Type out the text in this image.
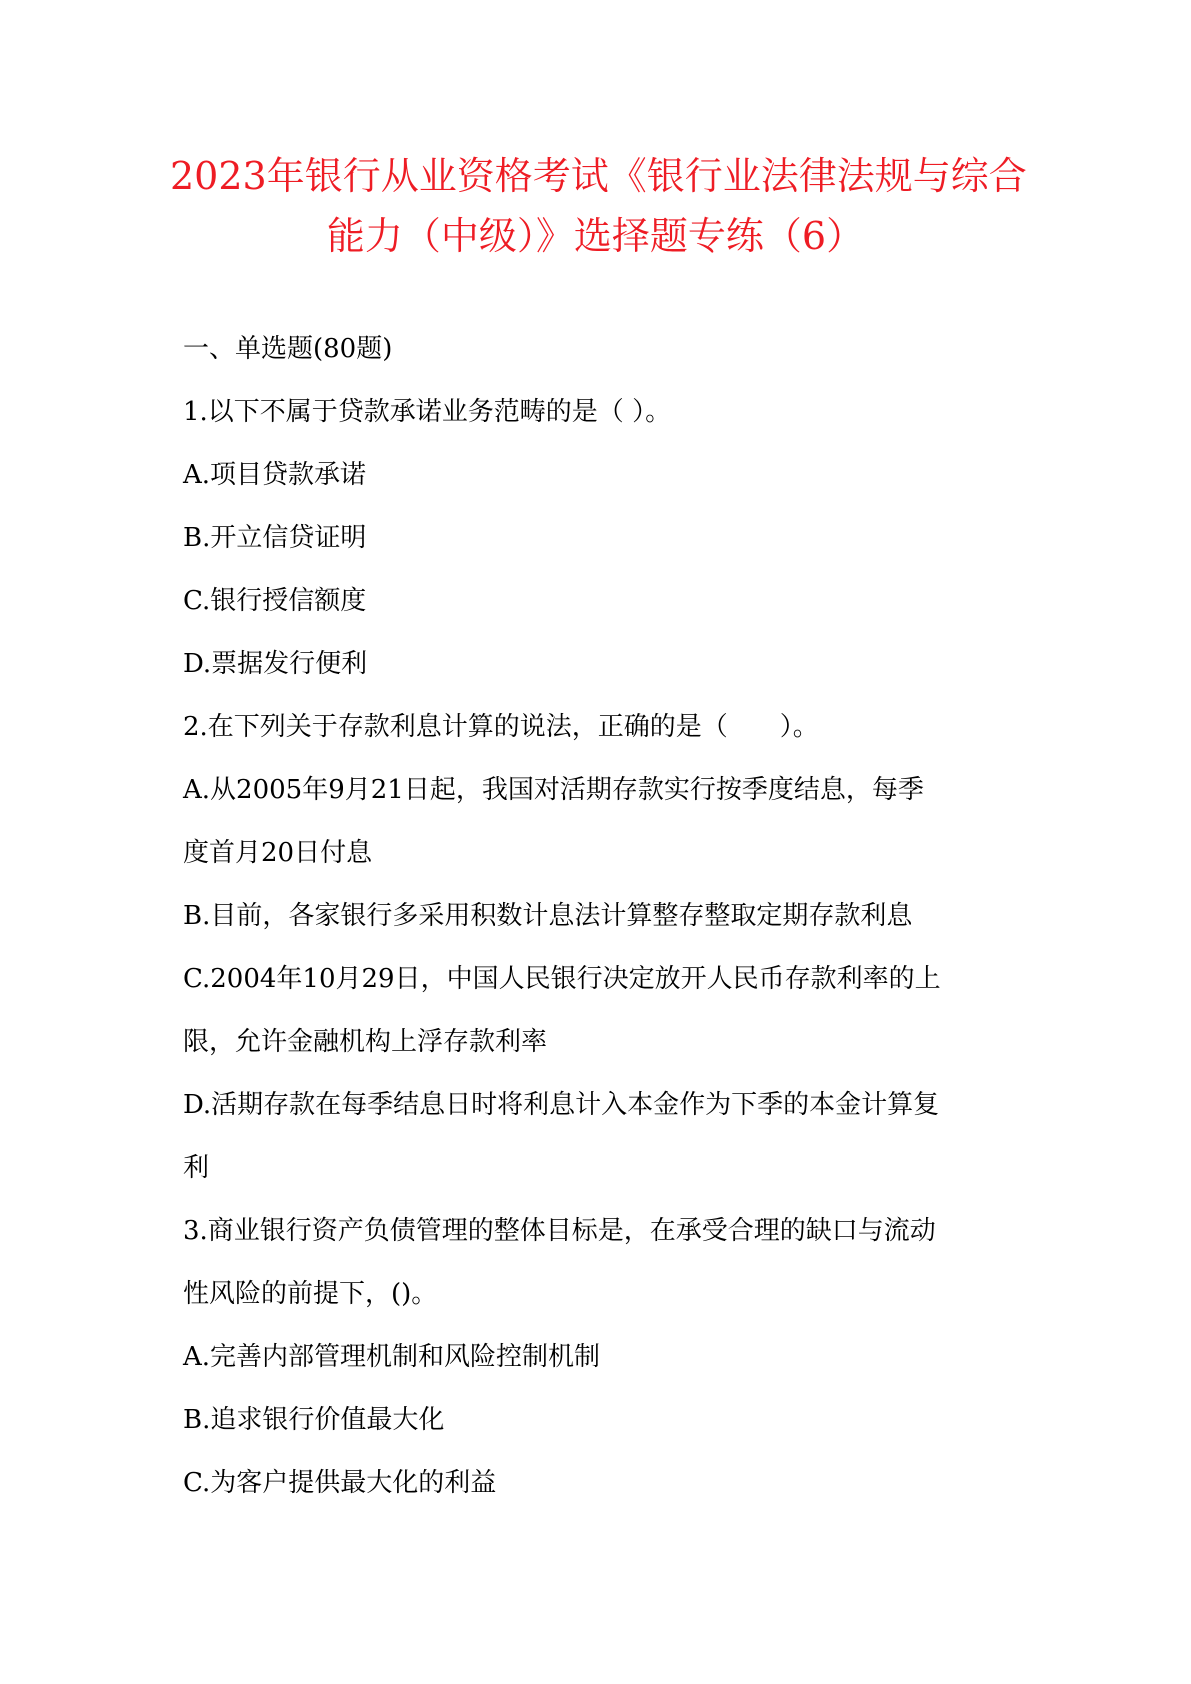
2023年银行从业资格考试《银行业法律法规与综合
能力（中级）》选择题专练（6）
一、单选题(80题)
1.以下不属于贷款承诺业务范畴的是（ ）。
A.项目贷款承诺
B.开立信贷证明
C.银行授信额度
D.票据发行便利
2.在下列关于存款利息计算的说法，正确的是（　　）。
A.从2005年9月21日起，我国对活期存款实行按季度结息，每季
度首月20日付息
B.目前，各家银行多采用积数计息法计算整存整取定期存款利息
C.2004年10月29日，中国人民银行决定放开人民币存款利率的上
限，允许金融机构上浮存款利率
D.活期存款在每季结息日时将利息计入本金作为下季的本金计算复
利
3.商业银行资产负债管理的整体目标是，在承受合理的缺口与流动
性风险的前提下，()。
A.完善内部管理机制和风险控制机制
B.追求银行价值最大化
C.为客户提供最大化的利益
